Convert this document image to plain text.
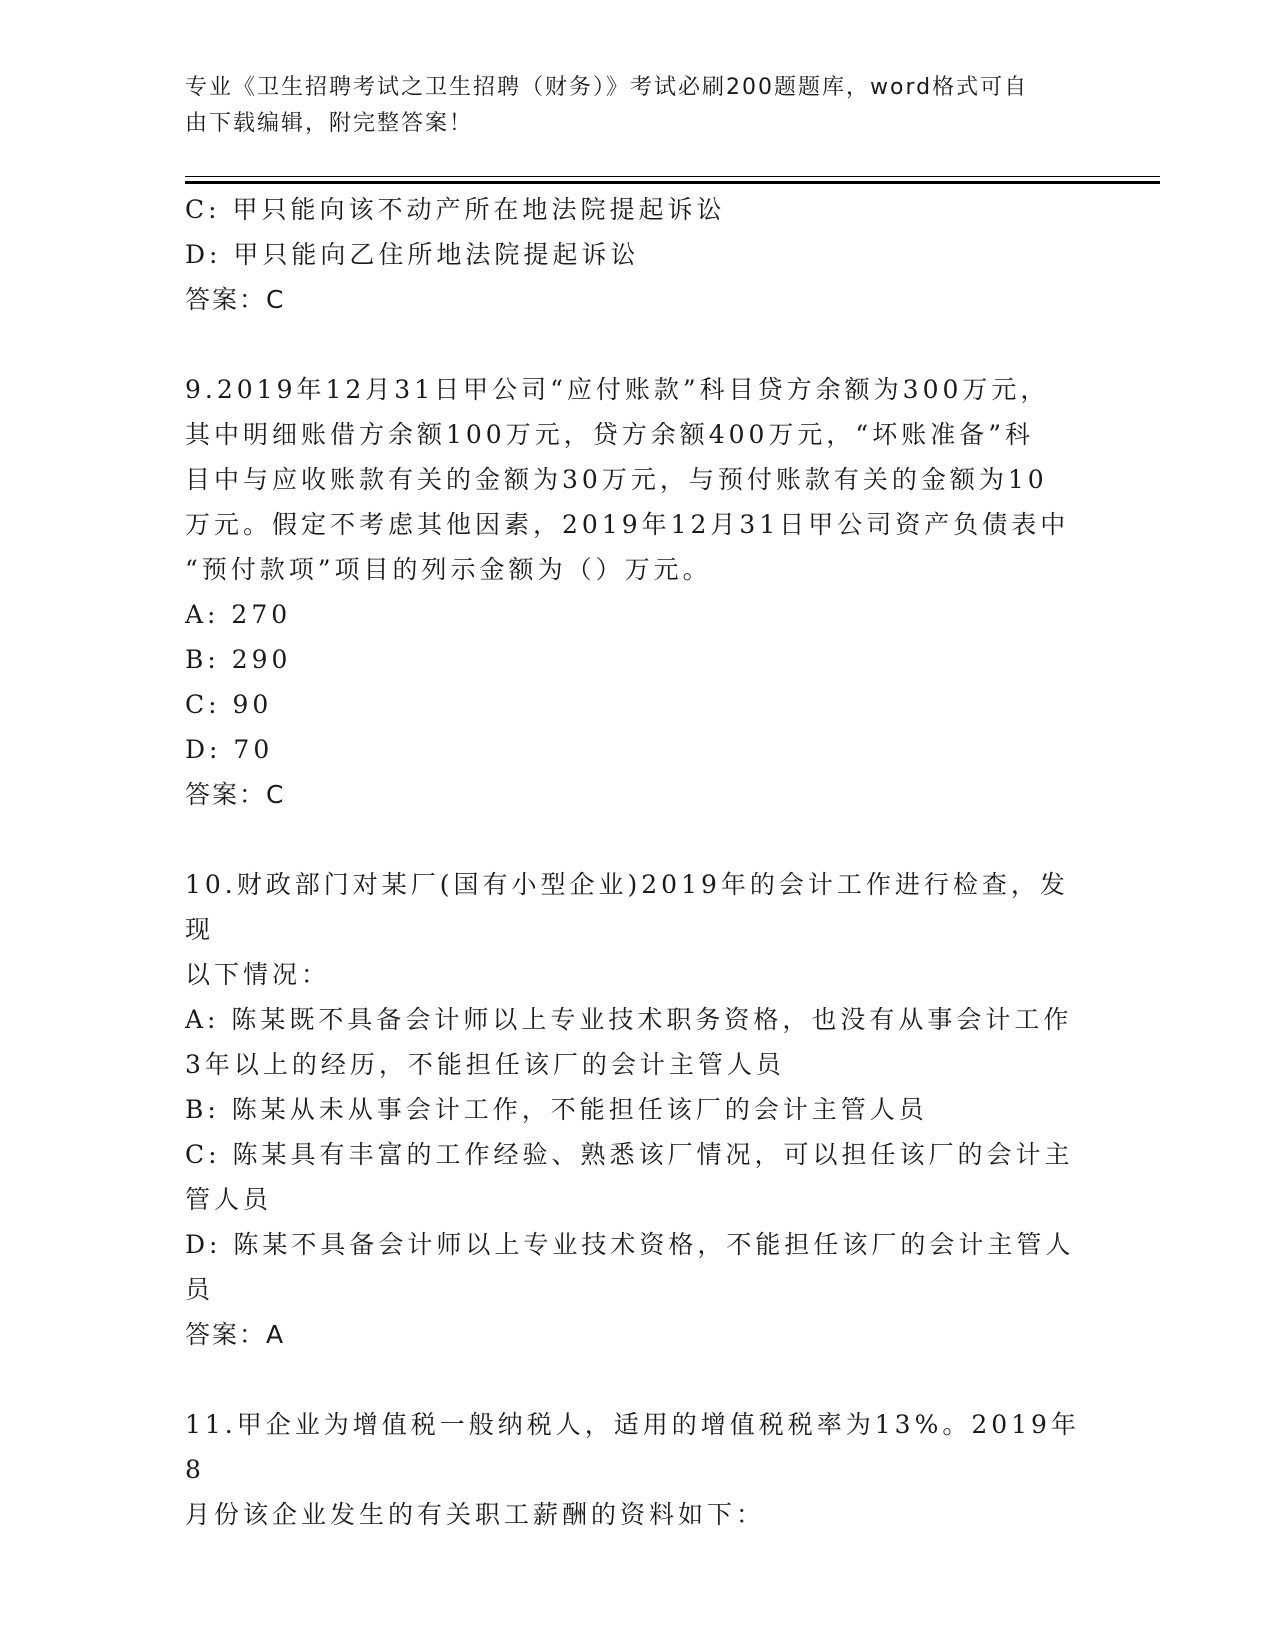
专业《卫生招聘考试之卫生招聘（财务）》考试必刷200题题库，word格式可自
由下载编辑，附完整答案！
C: 甲只能向该不动产所在地法院提起诉讼
D: 甲只能向乙住所地法院提起诉讼
答案：C
9.2019年12月31日甲公司“应付账款”科目贷方余额为300万元，
其中明细账借方余额100万元，贷方余额400万元，“坏账准备”科
目中与应收账款有关的金额为30万元，与预付账款有关的金额为10
万元。假定不考虑其他因素，2019年12月31日甲公司资产负债表中
“预付款项”项目的列示金额为（）万元。
A: 270
B: 290
C: 90
D: 70
答案：C
10.财政部门对某厂(国有小型企业)2019年的会计工作进行检查，发现
以下情况：
A: 陈某既不具备会计师以上专业技术职务资格，也没有从事会计工作
3年以上的经历，不能担任该厂的会计主管人员
B: 陈某从未从事会计工作，不能担任该厂的会计主管人员
C: 陈某具有丰富的工作经验、熟悉该厂情况，可以担任该厂的会计主
管人员
D: 陈某不具备会计师以上专业技术资格，不能担任该厂的会计主管人
员
答案：A
11.甲企业为增值税一般纳税人，适用的增值税税率为13%。2019年8
月份该企业发生的有关职工薪酬的资料如下：
